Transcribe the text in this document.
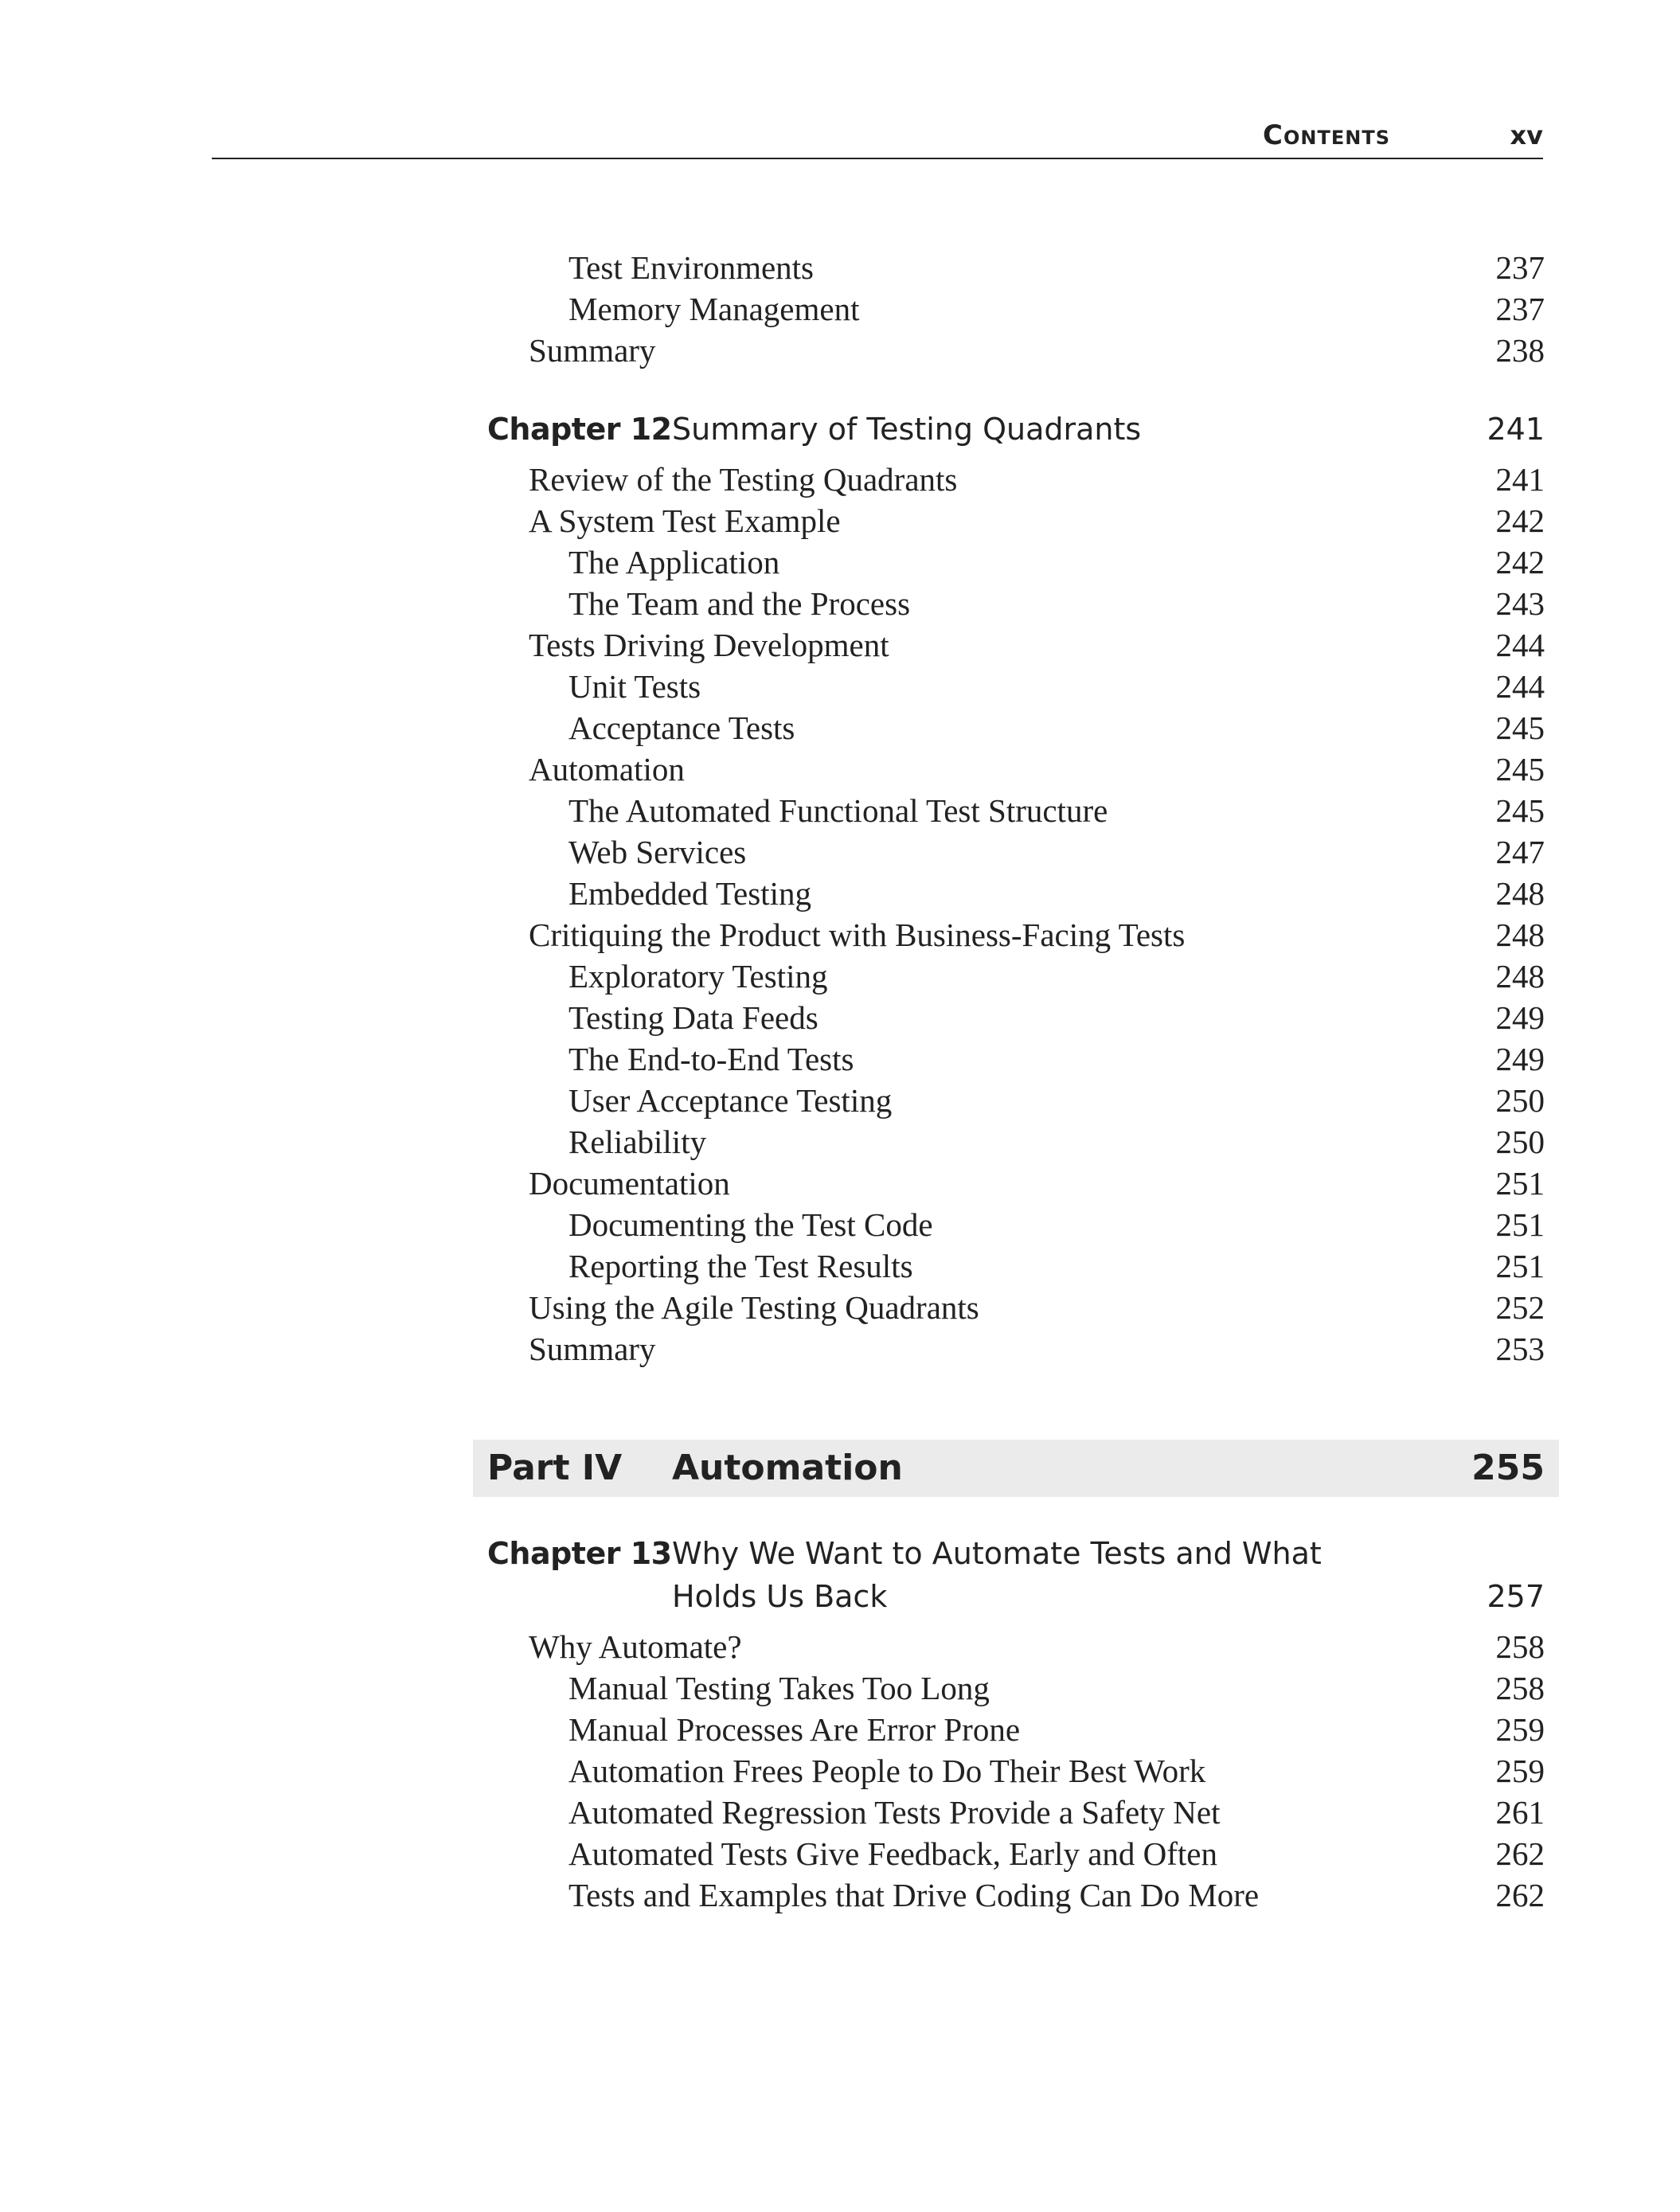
Contents	xv
Test Environments	237
Memory Management	237
Summary	238
Chapter 12 Summary of Testing Quadrants	241
Review of the Testing Quadrants	241
A System Test Example	242
The Application	242
The Team and the Process	243
Tests Driving Development	244
Unit Tests	244
Acceptance Tests	245
Automation	245
The Automated Functional Test Structure	245
Web Services	247
Embedded Testing	248
Critiquing the Product with Business-Facing Tests	248
Exploratory Testing	248
Testing Data Feeds	249
The End-to-End Tests	249
User Acceptance Testing	250
Reliability	250
Documentation	251
Documenting the Test Code	251
Reporting the Test Results	251
Using the Agile Testing Quadrants	252
Summary	253
Part IV Automation	255
Chapter 13 Why We Want to Automate Tests and What Holds Us Back	257
Why Automate?	258
Manual Testing Takes Too Long	258
Manual Processes Are Error Prone	259
Automation Frees People to Do Their Best Work	259
Automated Regression Tests Provide a Safety Net	261
Automated Tests Give Feedback, Early and Often	262
Tests and Examples that Drive Coding Can Do More	262
